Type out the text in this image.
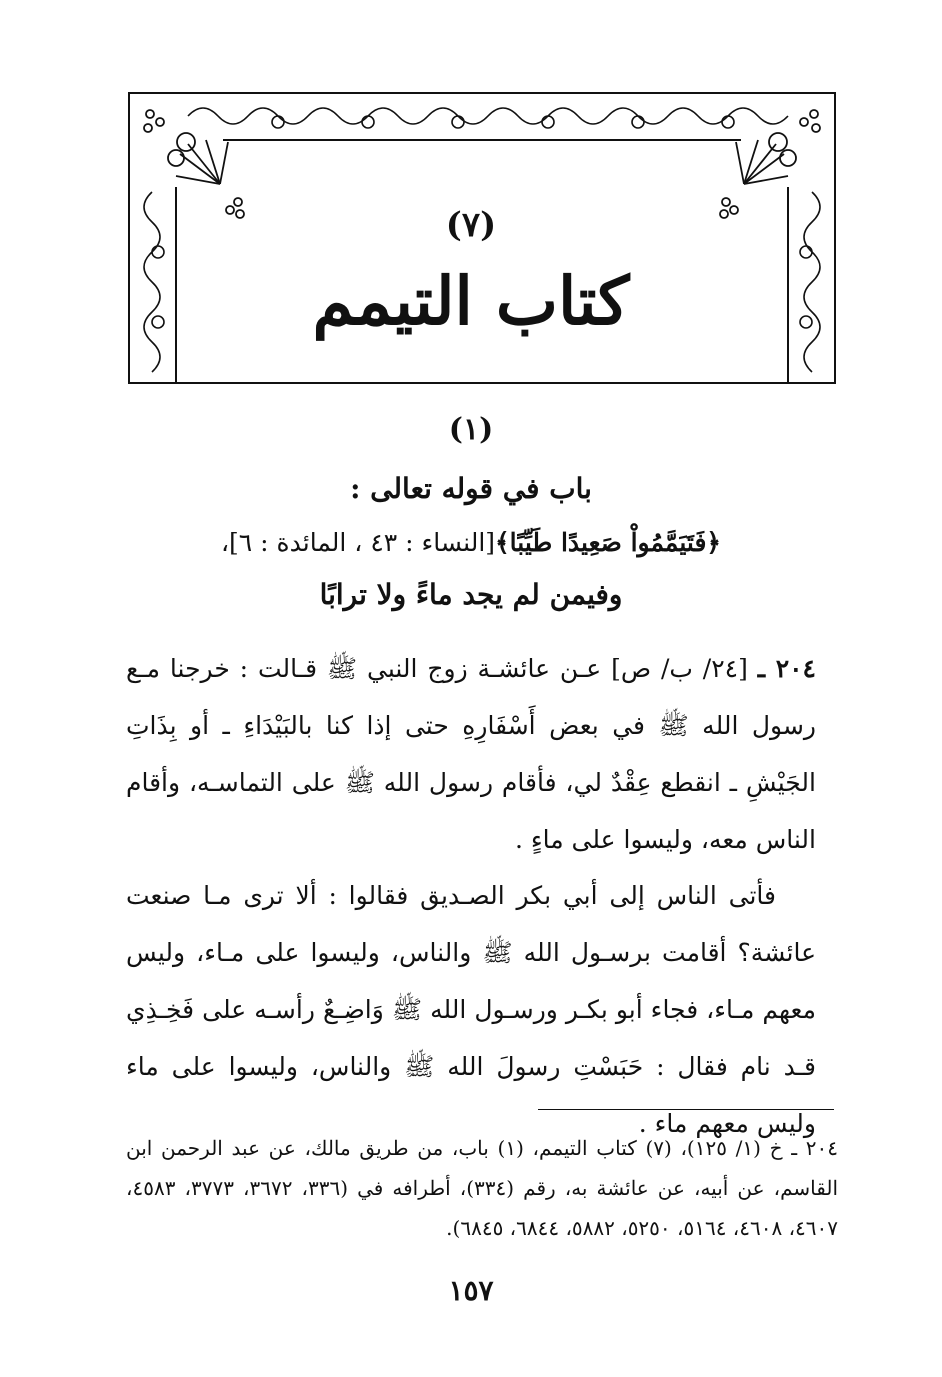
(٧)
كتاب التيمم
(١)
باب في قوله تعالى :
﴿فَتَيَمَّمُواْ صَعِيدًا طَيِّبًا﴾[النساء : ٤٣ ، المائدة : ٦]،
وفيمن لم يجد ماءً ولا ترابًا
٢٠٤ ـ [٢٤/ ب/ ص] عـن عائشـة زوج النبي ﷺ قـالت : خرجنا مـع رسول الله ﷺ في بعض أَسْفَارِهِ حتى إذا كنا بالبَيْدَاءِ ـ أو بِذَاتِ الجَيْشِ ـ انقطع عِقْدٌ لي، فأقام رسول الله ﷺ على التماسـه، وأقام الناس معه، وليسوا على ماءٍ .
فأتى الناس إلى أبي بكر الصـديق فقالوا : ألا ترى مـا صنعت عائشة؟ أقامت برسـول الله ﷺ والناس، وليسوا على مـاء، وليس معهم مـاء، فجاء أبو بكـر ورسـول الله ﷺ وَاضِـعٌ رأسـه على فَخِـذِي قـد نام فقال : حَبَسْتِ رسولَ الله ﷺ والناس، وليسوا على ماء وليس معهم ماء .
٢٠٤ ـ خ (١/ ١٢٥)، (٧) كتاب التيمم، (١) باب، من طريق مالك، عن عبد الرحمن ابن القاسم، عن أبيه، عن عائشة به، رقم (٣٣٤)، أطرافه في (٣٣٦، ٣٦٧٢، ٣٧٧٣، ٤٥٨٣، ٤٦٠٧، ٤٦٠٨، ٥١٦٤، ٥٢٥٠، ٥٨٨٢، ٦٨٤٤، ٦٨٤٥).
١٥٧
